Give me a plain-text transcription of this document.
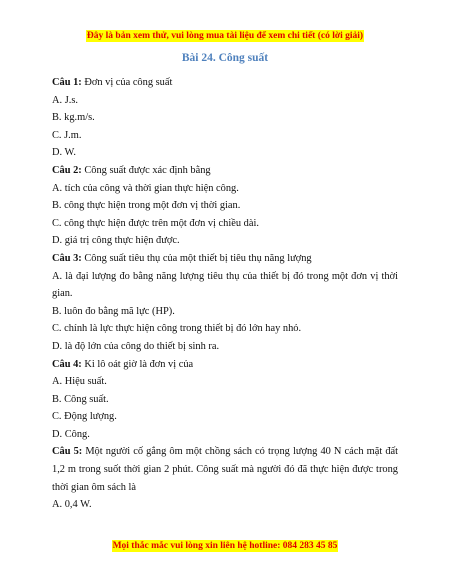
Đây là bản xem thử, vui lòng mua tài liệu để xem chi tiết (có lời giải)
Bài 24. Công suất

Câu 1: Đơn vị của công suất

A. J.s.

B. kg.m/s.

C. J.m.

D. W.

Câu 2: Công suất được xác định bằng

A. tích của công và thời gian thực hiện công.

B. công thực hiện trong một đơn vị thời gian.

C. công thực hiện được trên một đơn vị chiều dài.

D. giá trị công thực hiện được.

Câu 3: Công suất tiêu thụ của một thiết bị tiêu thụ năng lượng

A. là đại lượng đo bằng năng lượng tiêu thụ của thiết bị đó trong một đơn vị thời gian.

B. luôn đo bằng mã lực (HP).

C. chính là lực thực hiện công trong thiết bị đó lớn hay nhỏ.

D. là độ lớn của công do thiết bị sinh ra.

Câu 4: Ki lô oát giờ là đơn vị của

A. Hiệu suất.

B. Công suất.

C. Động lượng.

D. Công.

Câu 5: Một người cố gắng ôm một chồng sách có trọng lượng 40 N cách mặt đất 1,2 m trong suốt thời gian 2 phút. Công suất mà người đó đã thực hiện được trong thời gian ôm sách là

A. 0,4 W.

Mọi thắc mắc vui lòng xin liên hệ hotline: 084 283 45 85
